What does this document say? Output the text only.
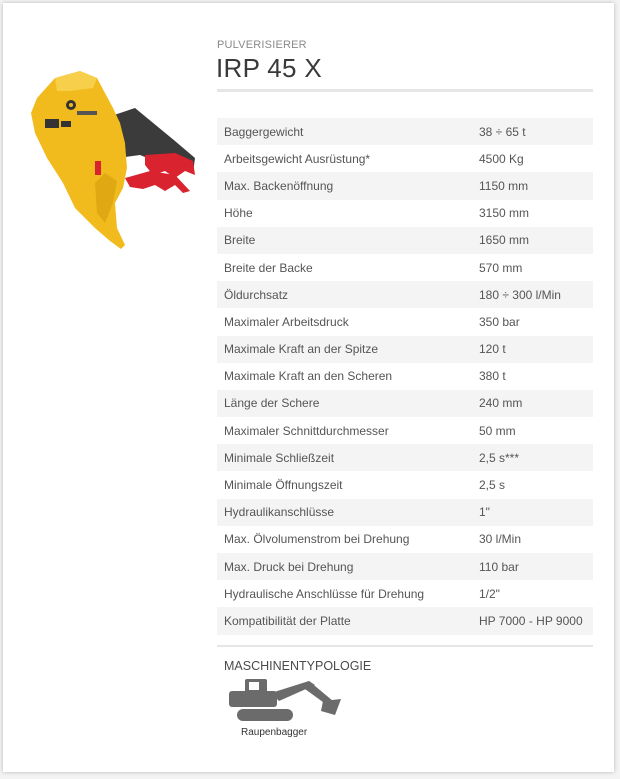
PULVERISIERER
IRP 45 X
Baggergewicht	38 ÷ 65 t
Arbeitsgewicht Ausrüstung*	4500 Kg
Max. Backenöffnung	1150 mm
Höhe	3150 mm
Breite	1650 mm
Breite der Backe	570 mm
Öldurchsatz	180 ÷ 300 l/Min
Maximaler Arbeitsdruck	350 bar
Maximale Kraft an der Spitze	120 t
Maximale Kraft an den Scheren	380 t
Länge der Schere	240 mm
Maximaler Schnittdurchmesser	50 mm
Minimale Schließzeit	2,5 s***
Minimale Öffnungszeit	2,5 s
Hydraulikanschlüsse	1"
Max. Ölvolumenstrom bei Drehung	30 l/Min
Max. Druck bei Drehung	110 bar
Hydraulische Anschlüsse für Drehung	1/2"
Kompatibilität der Platte	HP 7000 - HP 9000
MASCHINENTYPOLOGIE
Raupenbagger
